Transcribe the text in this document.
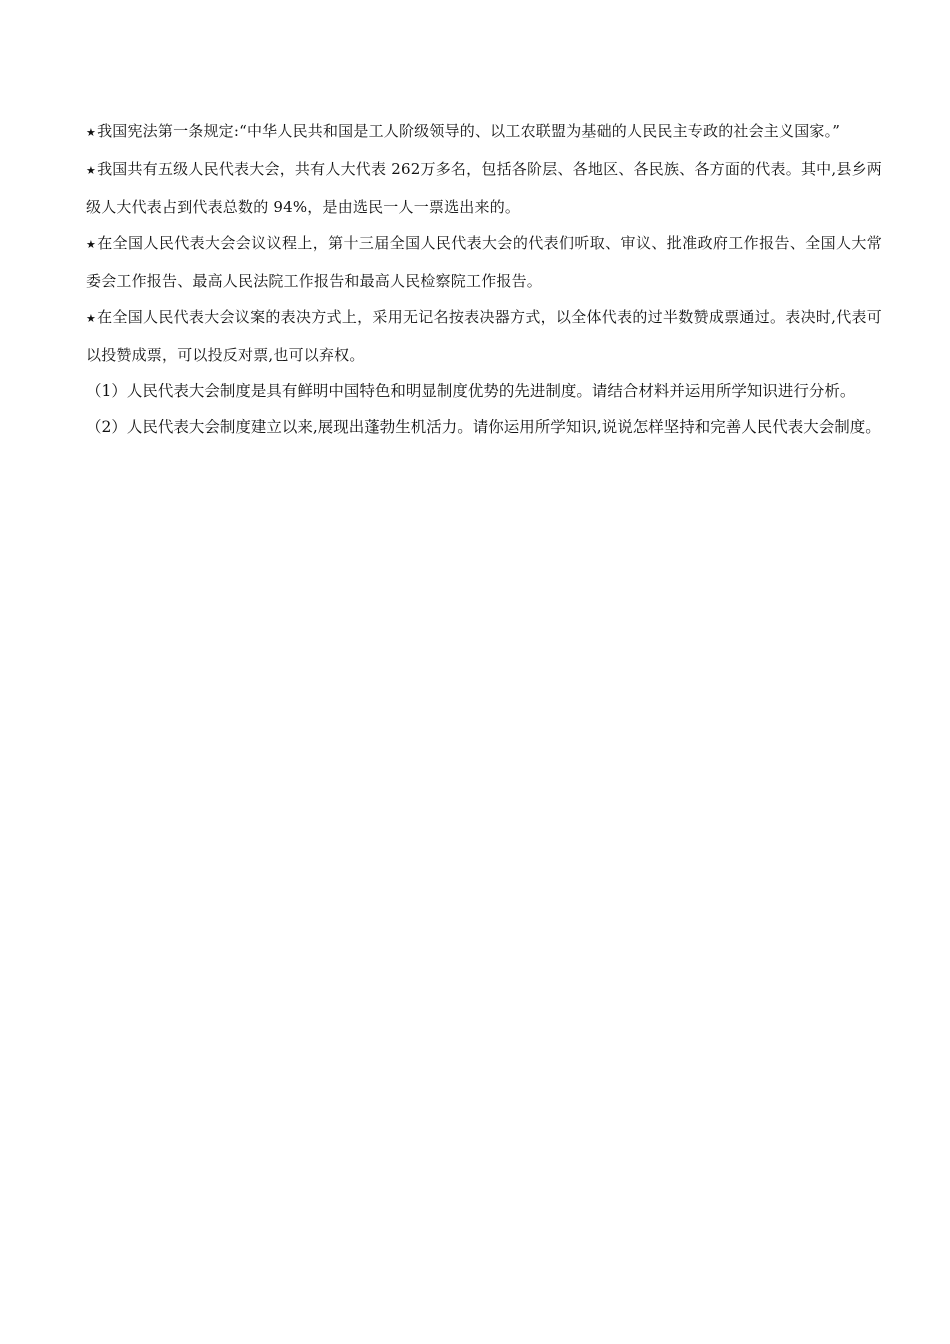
★我国宪法第一条规定:“中华人民共和国是工人阶级领导的、以工农联盟为基础的人民民主专政的社会主义国家。”

★我国共有五级人民代表大会，共有人大代表 262万多名，包括各阶层、各地区、各民族、各方面的代表。其中,县乡两级人大代表占到代表总数的 94%，是由选民一人一票选出来的。

★在全国人民代表大会会议议程上，第十三届全国人民代表大会的代表们听取、审议、批准政府工作报告、全国人大常委会工作报告、最高人民法院工作报告和最高人民检察院工作报告。

★在全国人民代表大会议案的表决方式上，采用无记名按表决器方式，以全体代表的过半数赞成票通过。表决时,代表可以投赞成票，可以投反对票,也可以弃权。

（1）人民代表大会制度是具有鲜明中国特色和明显制度优势的先进制度。请结合材料并运用所学知识进行分析。

（2）人民代表大会制度建立以来,展现出蓬勃生机活力。请你运用所学知识,说说怎样坚持和完善人民代表大会制度。
